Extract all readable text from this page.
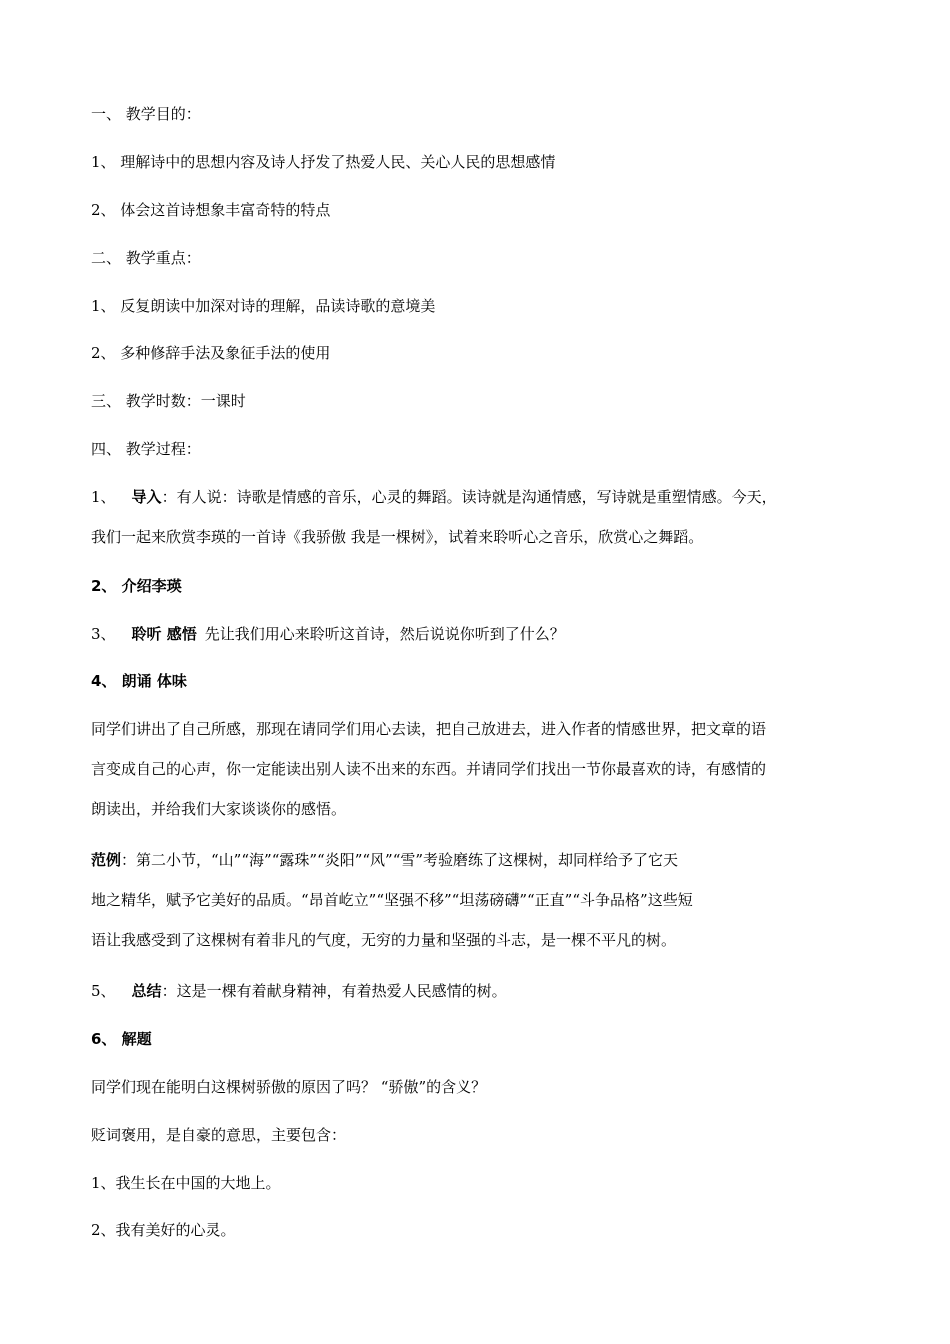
一、 教学目的：
1、 理解诗中的思想内容及诗人抒发了热爱人民、关心人民的思想感情
2、 体会这首诗想象丰富奇特的特点
二、 教学重点：
1、 反复朗读中加深对诗的理解，品读诗歌的意境美
2、 多种修辞手法及象征手法的使用
三、 教学时数：一课时
四、 教学过程：
1、 导入：有人说：诗歌是情感的音乐，心灵的舞蹈。读诗就是沟通情感，写诗就是重塑情感。今天，
我们一起来欣赏李瑛的一首诗《我骄傲 我是一棵树》，试着来聆听心之音乐，欣赏心之舞蹈。
2、 介绍李瑛
3、 聆听 感悟 先让我们用心来聆听这首诗，然后说说你听到了什么？
4、 朗诵 体味
同学们讲出了自己所感，那现在请同学们用心去读，把自己放进去，进入作者的情感世界，把文章的语
言变成自己的心声，你一定能读出别人读不出来的东西。并请同学们找出一节你最喜欢的诗，有感情的
朗读出，并给我们大家谈谈你的感悟。
范例：第二小节，“山”“海”“露珠”“炎阳”“风”“雪”考验磨练了这棵树，却同样给予了它天
地之精华，赋予它美好的品质。“昂首屹立”“坚强不移”“坦荡磅礴”“正直”“斗争品格”这些短
语让我感受到了这棵树有着非凡的气度，无穷的力量和坚强的斗志，是一棵不平凡的树。
5、 总结：这是一棵有着献身精神，有着热爱人民感情的树。
6、 解题
同学们现在能明白这棵树骄傲的原因了吗？ “骄傲”的含义？
贬词褒用，是自豪的意思，主要包含：
1、我生长在中国的大地上。
2、我有美好的心灵。
